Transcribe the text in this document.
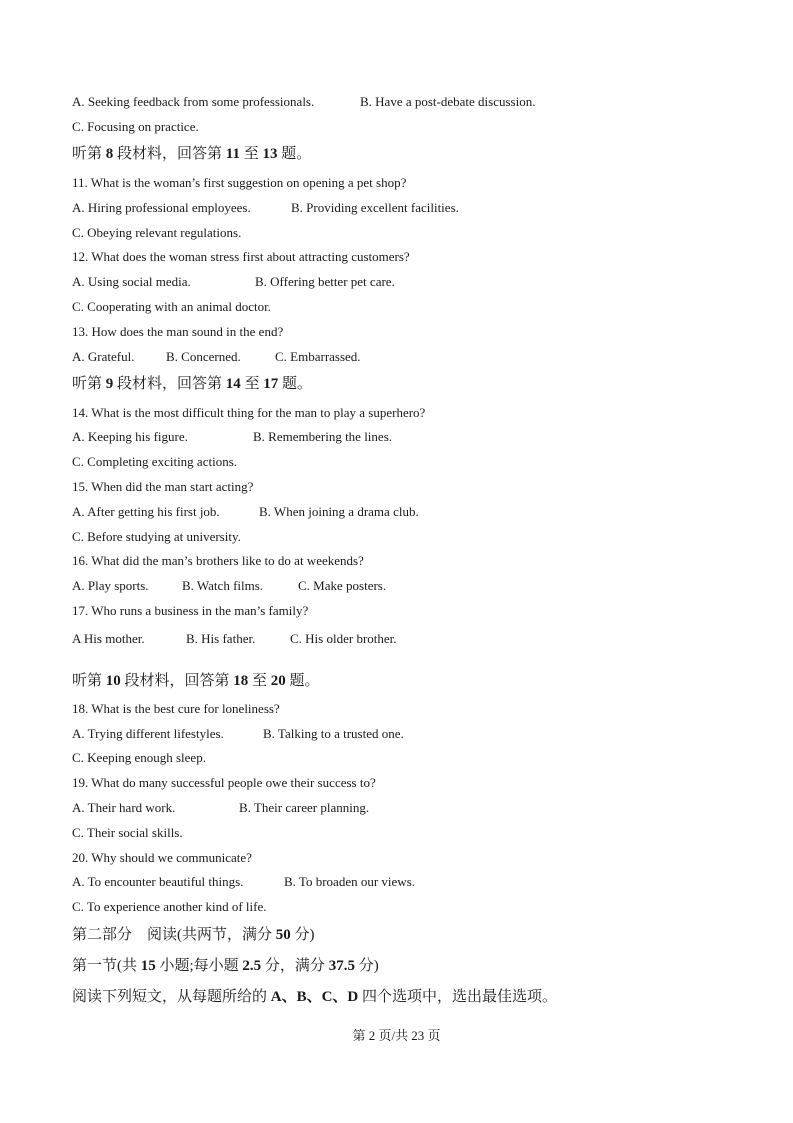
A. Seeking feedback from some professionals.	B. Have a post-debate discussion.
C. Focusing on practice.
听第 8 段材料，回答第 11 至 13 题。
11. What is the woman’s first suggestion on opening a pet shop?
A. Hiring professional employees.	B. Providing excellent facilities.
C. Obeying relevant regulations.
12. What does the woman stress first about attracting customers?
A. Using social media.	B. Offering better pet care.
C. Cooperating with an animal doctor.
13. How does the man sound in the end?
A. Grateful. B. Concerned.	C. Embarrassed.
听第 9 段材料，回答第 14 至 17 题。
14. What is the most difficult thing for the man to play a superhero?
A. Keeping his figure.	B. Remembering the lines.
C. Completing exciting actions.
15. When did the man start acting?
A. After getting his first job.	B. When joining a drama club.
C. Before studying at university.
16. What did the man’s brothers like to do at weekends?
A. Play sports.	B. Watch films.	C. Make posters.
17. Who runs a business in the man’s family?
A His mother.	B. His father.	C. His older brother.
听第 10 段材料，回答第 18 至 20 题。
18. What is the best cure for loneliness?
A. Trying different lifestyles.	B. Talking to a trusted one.
C. Keeping enough sleep.
19. What do many successful people owe their success to?
A. Their hard work.	B. Their career planning.
C. Their social skills.
20. Why should we communicate?
A. To encounter beautiful things.	B. To broaden our views.
C. To experience another kind of life.
第二部分　阅读(共两节，满分 50 分)
第一节(共 15 小题;每小题 2.5 分，满分 37.5 分)
阅读下列短文，从每题所给的 A、B、C、D 四个选项中，选出最佳选项。
第 2 页/共 23 页
